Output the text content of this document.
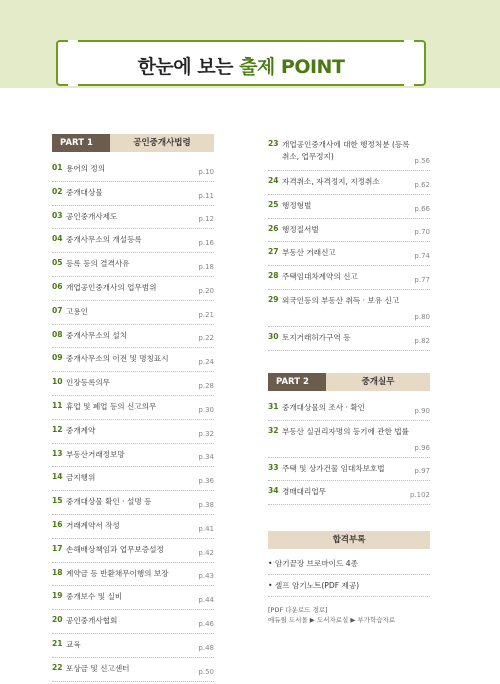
한눈에 보는 출제 POINT
PART 1	공인중개사법령
01 용어의 정의	p.10
02 중개대상물	p.11
03 공인중개사제도	p.12
04 중개사무소의 개설등록	p.16
05 등록 등의 결격사유	p.18
06 개업공인중개사의 업무범위	p.20
07 고용인	p.21
08 중개사무소의 설치	p.22
09 중개사무소의 이전 및 명칭표시	p.24
10 인장등록의무	p.28
11 휴업 및 폐업 등의 신고의무	p.30
12 중개계약	p.32
13 부동산거래정보망	p.34
14 금지행위	p.36
15 중개대상물 확인 · 설명 등	p.38
16 거래계약서 작성	p.41
17 손해배상책임과 업무보증설정	p.42
18 계약금 등 반환채무이행의 보장	p.43
19 중개보수 및 실비	p.44
20 공인중개사협회	p.46
21 교육	p.48
22 포상금 및 신고센터	p.50
23 개업공인중개사에 대한 행정처분 (등록취소, 업무정지)	p.56
24 자격취소, 자격정지, 지정취소	p.62
25 행정형벌	p.66
26 행정질서벌	p.70
27 부동산 거래신고	p.74
28 주택임대차계약의 신고	p.77
29 외국인등의 부동산 취득 · 보유 신고
p.80
30 토지거래허가구역 등	p.82
PART 2	중개실무
31 중개대상물의 조사 · 확인	p.90
32 부동산 실권리자명의 등기에 관한 법률
p.96
33 주택 및 상가건물 임대차보호법	p.97
34 경매대리업무	p.102
합격부록
• 암기끝장 브로마이드 4종
• 셀프 암기노트(PDF 제공)
[PDF 다운로드 경로]
에듀윌 도서몰 ▶ 도서자료실 ▶ 부가학습자료
